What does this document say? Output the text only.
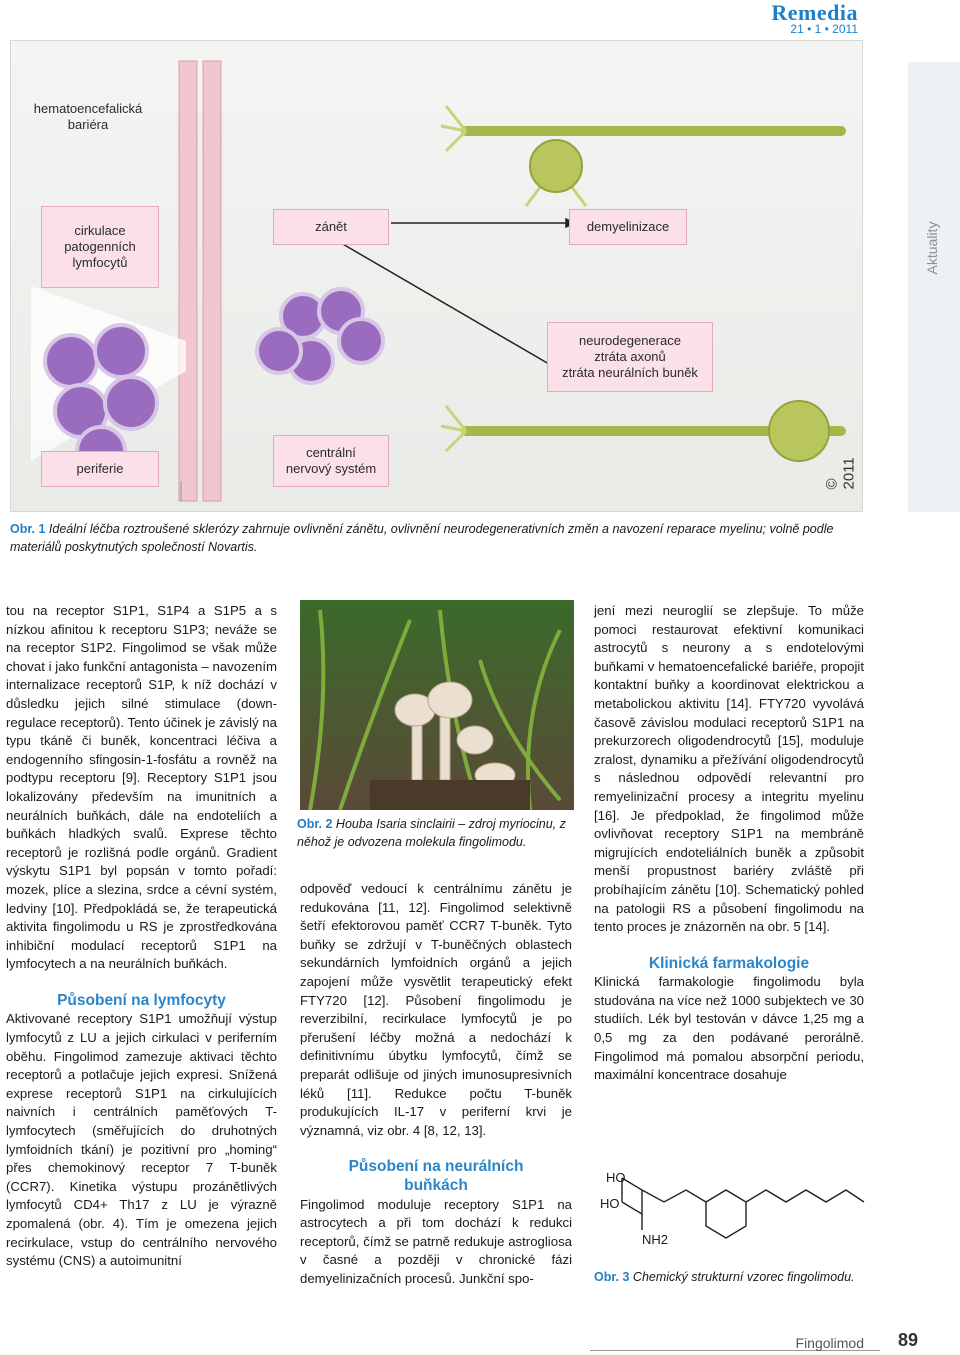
Remedia
21 • 1 • 2011
Aktuality
hematoencefalická
bariéra
cirkulace
patogenních
lymfocytů
zánět	demyelinizace
neurodegenerace
ztráta axonů
ztráta neurálních buněk
periferie
centrální
nervový systém
© 2011
Obr. 1 Ideální léčba roztroušené sklerózy zahrnuje ovlivnění zánětu, ovlivnění neurodegenerativních změn a navození reparace myelinu; volně podle materiálů poskytnutých společností Novartis.

tou na receptor S1P1, S1P4 a S1P5 a s nízkou afinitou k receptoru S1P3; neváže se na receptor S1P2. Fingolimod se však může chovat i jako funkční antagonista – navozením internalizace receptorů S1P, k níž dochází v důsledku jejich silné stimulace (down-regulace receptorů). Tento účinek je závislý na typu tkáně či buněk, koncentraci léčiva a endogenního sfingosin-1-fosfátu a rovněž na podtypu receptoru [9]. Receptory S1P1 jsou lokalizovány především na imunitních a neurálních buňkách, dále na endoteliích a buňkách hladkých svalů. Exprese těchto receptorů je rozlišná podle orgánů. Gradient výskytu S1P1 byl popsán v tomto pořadí: mozek, plíce a slezina, srdce a cévní systém, ledviny [10]. Předpokládá se, že terapeutická aktivita fingolimodu u RS je zprostředkována inhibiční modulací receptorů S1P1 na lymfocytech a na neurálních buňkách.

Působení na lymfocyty

Aktivované receptory S1P1 umožňují výstup lymfocytů z LU a jejich cirkulaci v periferním oběhu. Fingolimod zamezuje aktivaci těchto receptorů a potlačuje jejich expresi. Snížená exprese receptorů S1P1 na cirkulujících naivních i centrálních paměťových T-lymfocytech (směřujících do druhotných lymfoidních tkání) je pozitivní pro „homing“ přes chemokinový receptor 7 T-buněk (CCR7). Kinetika výstupu prozánětlivých lymfocytů CD4+ Th17 z LU je výrazně zpomalená (obr. 4). Tím je omezena jejich recirkulace, vstup do centrálního nervového systému (CNS) a autoimunitní

Obr. 2 Houba Isaria sinclairii – zdroj myriocinu, z něhož je odvozena molekula fingolimodu.

odpověď vedoucí k centrálnímu zánětu je redukována [11, 12]. Fingolimod selektivně šetří efektorovou paměť CCR7 T-buněk. Tyto buňky se zdržují v T-buněčných oblastech sekundárních lymfoidních orgánů a jejich zapojení může vysvětlit terapeutický efekt FTY720 [12]. Působení fingolimodu je reverzibilní, recirkulace lymfocytů je po přerušení léčby možná a nedochází k definitivnímu úbytku lymfocytů, čímž se preparát odlišuje od jiných imunosupresivních léků [11]. Redukce počtu T-buněk produkujících IL-17 v periferní krvi je významná, viz obr. 4 [8, 12, 13].

Působení na neurálních buňkách

Fingolimod moduluje receptory S1P1 na astrocytech a při tom dochází k redukci receptorů, čímž se patrně redukuje astrogliosa v časné a později v chronické fázi demyelinizačních procesů. Junkční spo-

jení mezi neuroglií se zlepšuje. To může pomoci restaurovat efektivní komunikaci astrocytů s neurony a s endotelovými buňkami v hematoencefalické bariéře, propojit kontaktní buňky a koordinovat elektrickou a metabolickou aktivitu [14]. FTY720 vyvolává časově závislou modulaci receptorů S1P1 na prekurzorech oligodendrocytů [15], moduluje zralost, dynamiku a přežívání oligodendrocytů s následnou odpovědí relevantní pro remyelinizační procesy a integritu myelinu [16]. Je předpoklad, že fingolimod může ovlivňovat receptory S1P1 na membráně migrujících endoteliálních buněk a způsobit menší propustnost bariéry zvláště při probíhajícím zánětu [10]. Schematický pohled na patologii RS a působení fingolimodu na tento proces je znázorněn na obr. 5 [14].

Klinická farmakologie

Klinická farmakologie fingolimodu byla studována na více než 1000 subjektech ve 30 studiích. Lék byl testován v dávce 1,25 mg a 0,5 mg za den podávané perorálně. Fingolimod má pomalou absorpční periodu, maximální koncentrace dosahuje

HO
HO
NH2
Obr. 3 Chemický strukturní vzorec fingolimodu.
Fingolimod 89
